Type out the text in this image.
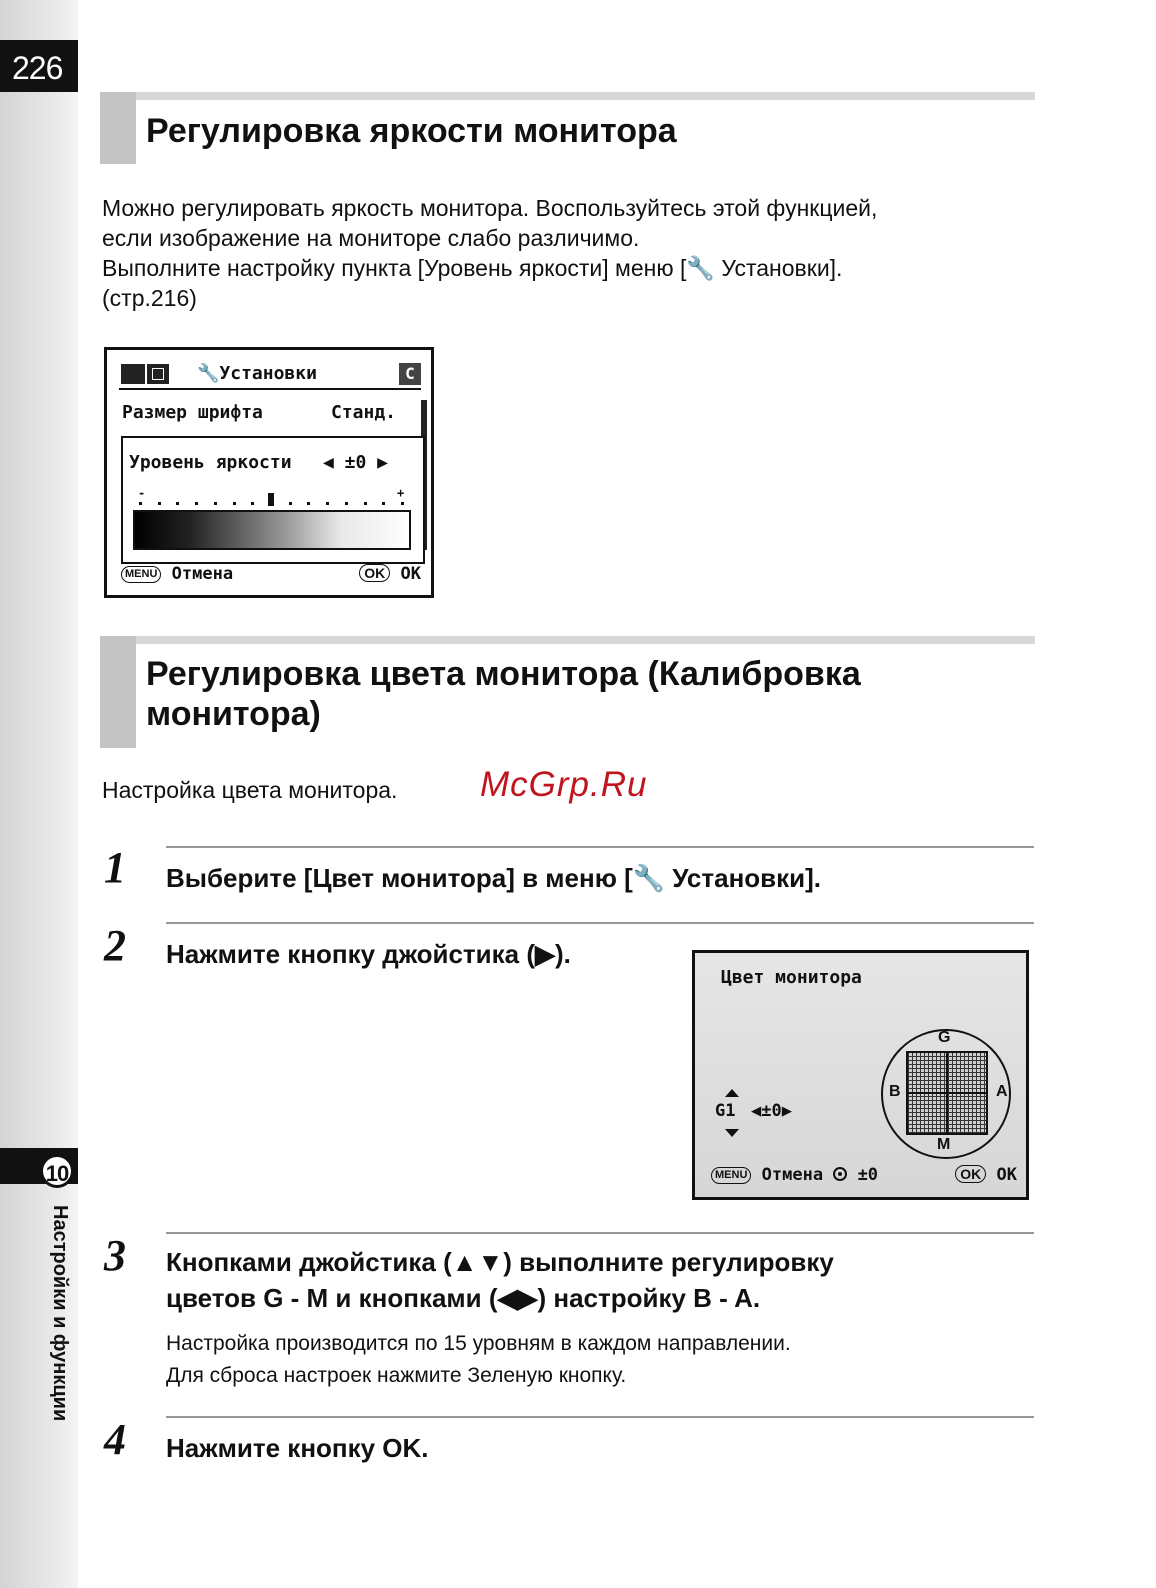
226
10
Настройки и функции
Регулировка яркости монитора

Можно регулировать яркость монитора. Воспользуйтесь этой функцией,

если изображение на мониторе слабо различимо.

Выполните настройку пункта [Уровень яркости] меню [🔧 Установки].

(стр.216)

🔧Установки	C
Размер шрифта	Станд.
Уровень яркости ◀ ±0 ▶
-	+
MENU Отмена	OK OK
Регулировка цвета монитора (Калибровка
монитора)

Настройка цвета монитора. McGrp.Ru
1 Выберите [Цвет монитора] в меню [🔧 Установки].
2 Нажмите кнопку джойстика (▶).
Цвет монитора
G1 ◀±0▶
G
M
B	A
MENU Отмена ±0	OK OK
3 Кнопками джойстика (▲▼) выполните регулировку
цветов G - M и кнопками (◀▶) настройку B - A.

Настройка производится по 15 уровням в каждом направлении.

Для сброса настроек нажмите Зеленую кнопку.

4 Нажмите кнопку OK.
